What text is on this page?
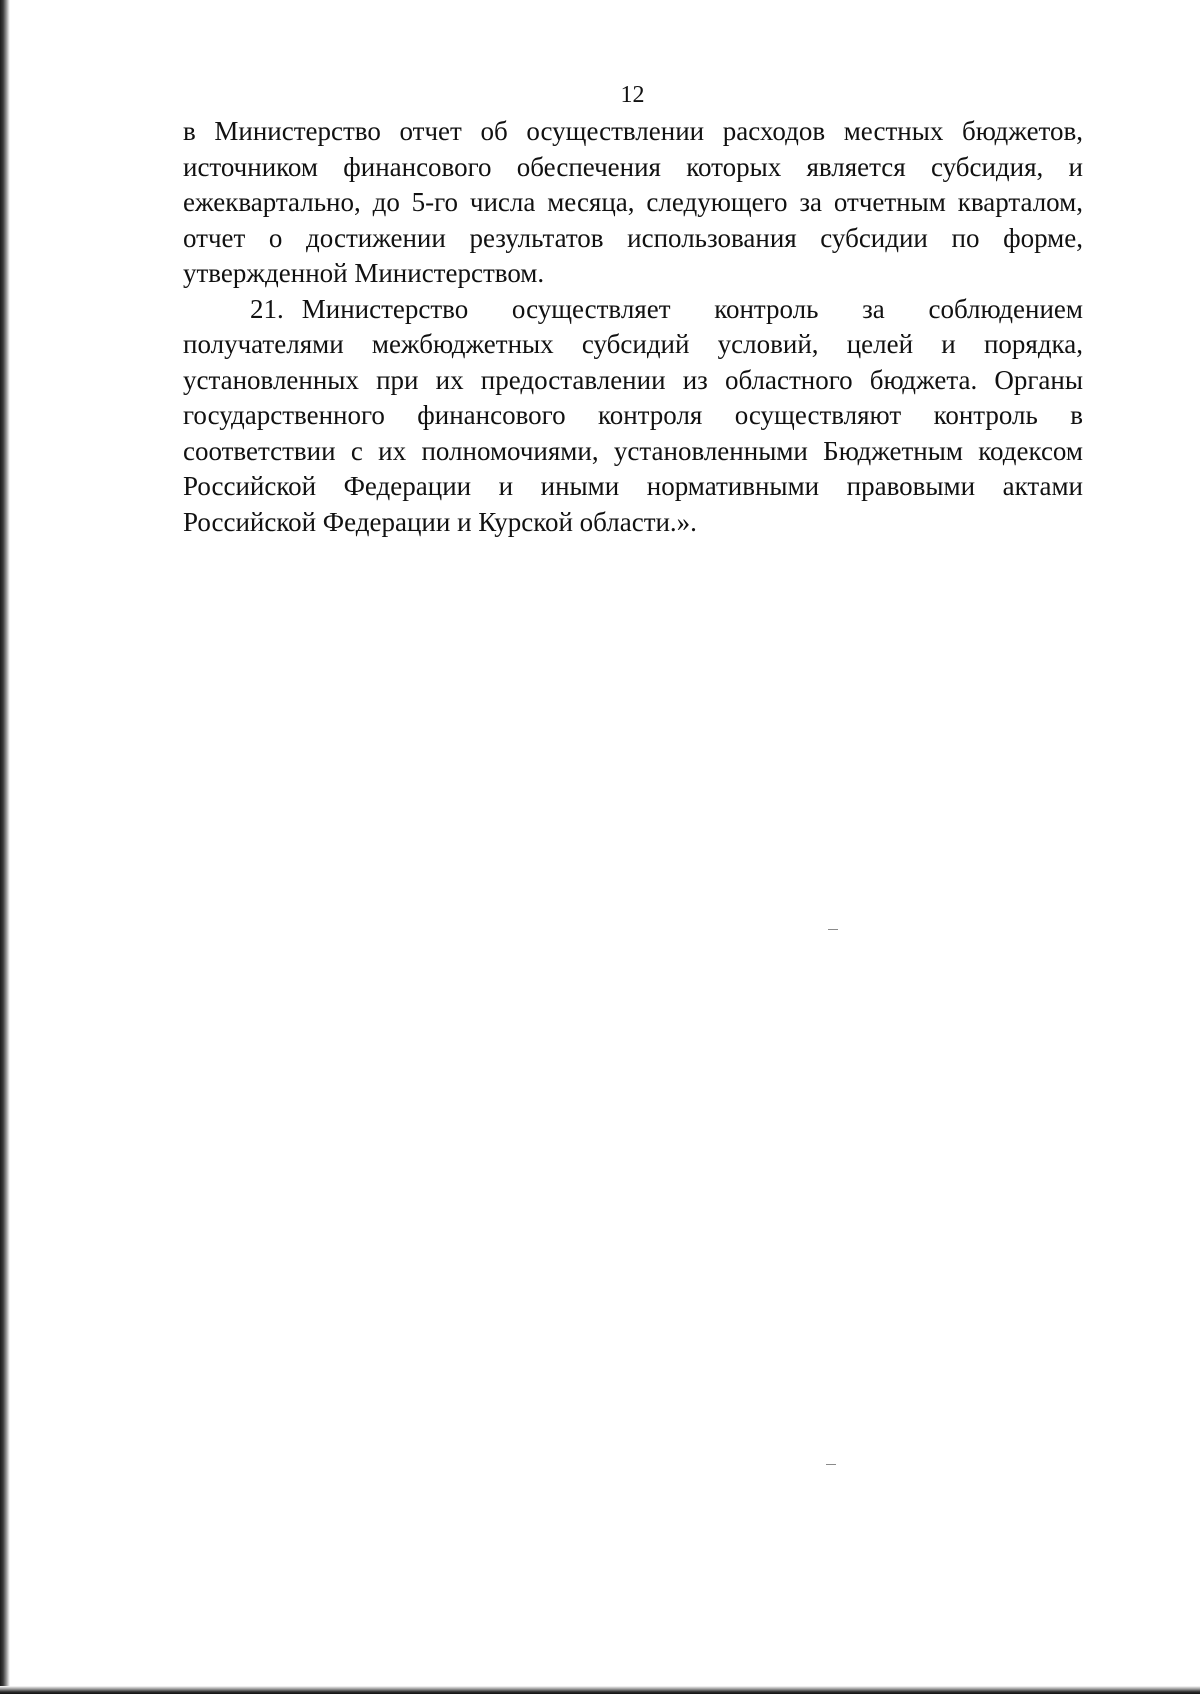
12

в Министерство отчет об осуществлении расходов местных бюджетов, источником финансового обеспечения которых является субсидия, и ежеквартально, до 5-го числа месяца, следующего за отчетным кварталом, отчет о достижении результатов использования субсидии по форме, утвержденной Министерством.

21. Министерство осуществляет контроль за соблюдением получателями межбюджетных субсидий условий, целей и порядка, установленных при их предоставлении из областного бюджета. Органы государственного финансового контроля осуществляют контроль в соответствии с их полномочиями, установленными Бюджетным кодексом Российской Федерации и иными нормативными правовыми актами Российской Федерации и Курской области.».
